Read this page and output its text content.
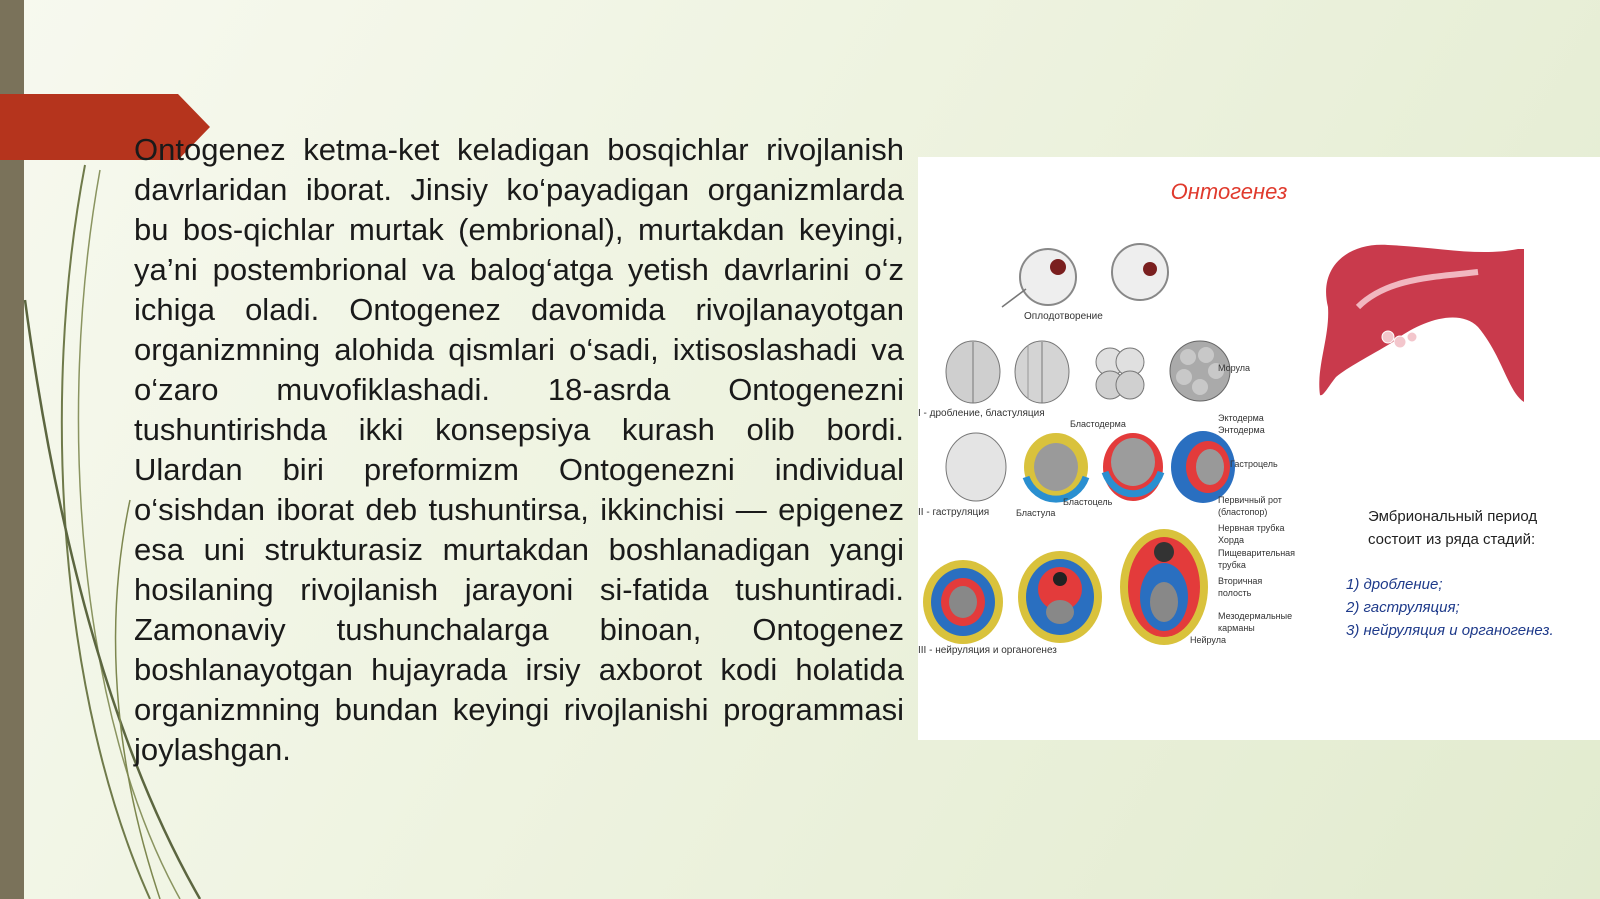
Ontogenez ketma-ket keladigan bosqichlar rivojlanish davrlaridan iborat. Jinsiy ko‘payadigan organizmlarda bu bos-qichlar murtak (embrional), murtakdan keyingi, ya’ni postembrional va balog‘atga yetish davrlarini o‘z ichiga oladi. Ontogenez davomida rivojlanayotgan organizmning alohida qismlari o‘sadi, ixtisoslashadi va o‘zaro muvofiklashadi. 18-asrda Ontogenezni tushuntirishda ikki konsepsiya kurash olib bordi. Ulardan biri preformizm Ontogenezni individual o‘sishdan iborat deb tushuntirsa, ikkinchisi — epigenez esa uni strukturasiz murtakdan boshlanadigan yangi hosilaning rivojlanish jarayoni si-fatida tushuntiradi. Zamonaviy tushunchalarga binoan, Ontogenez boshlanayotgan hujayrada irsiy axborot kodi holatida organizmning bundan keyingi rivojlanishi programmasi joylashgan.

Онтогенез
Оплодотворение
Морула
I - дробление, бластуляция
Бластодерма
Эктодерма
Энтодерма
Гастроцель
II - гаструляция	Бластула
Бластоцель	Первичный рот (бластопор)
Нервная трубка
Хорда
Пищеварительная трубка
Вторичная полость
Мезодермальные карманы
Нейрула
III - нейруляция и органогенез
Эмбриональный период состоит из ряда стадий:
1) дробление;
2) гаструляция;
3) нейруляция и органогенез.
